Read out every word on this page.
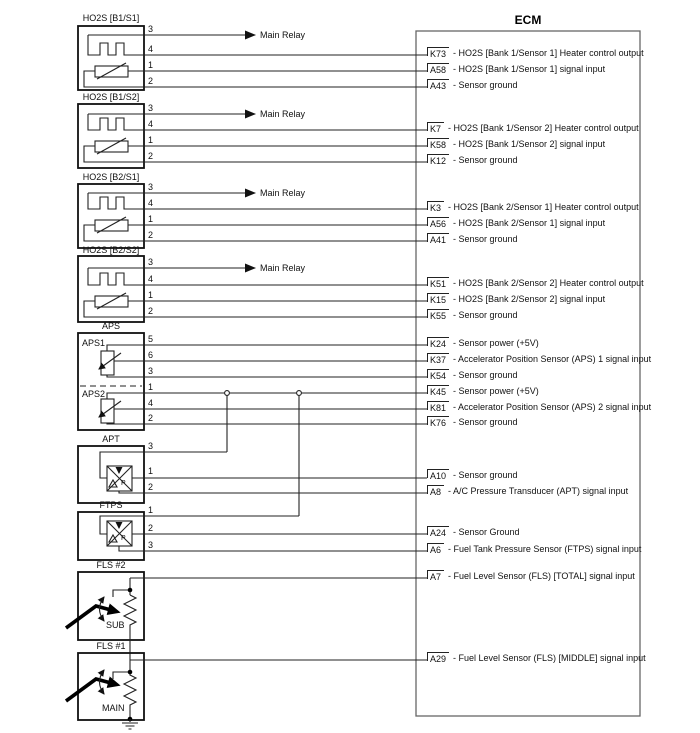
P
P
ECM
HO2S [B1/S1]
HO2S [B1/S2]
HO2S [B2/S1]
HO2S [B2/S2]
APS
APT
FTPS
FLS #2
FLS #1
APS1
APS2
SUB
MAIN
Main Relay
Main Relay
Main Relay
Main Relay
3
4
1
2
3
4
1
2
3
4
1
2
3
4
1
2
5
6
3
1
4
2
3
1
2
1
2
3
K73 - HO2S [Bank 1/Sensor 1] Heater control output
A58 - HO2S [Bank 1/Sensor 1] signal input
A43 - Sensor ground
K7 - HO2S [Bank 1/Sensor 2] Heater control output
K58 - HO2S [Bank 1/Sensor 2] signal input
K12 - Sensor ground
K3 - HO2S [Bank 2/Sensor 1] Heater control output
A56 - HO2S [Bank 2/Sensor 1] signal input
A41 - Sensor ground
K51 - HO2S [Bank 2/Sensor 2] Heater control output
K15 - HO2S [Bank 2/Sensor 2] signal input
K55 - Sensor ground
K24 - Sensor power (+5V)
K37 - Accelerator Position Sensor (APS) 1 signal input
K54 - Sensor ground
K45 - Sensor power (+5V)
K81 - Accelerator Position Sensor (APS) 2 signal input
K76 - Sensor ground
A10 - Sensor ground
A8 - A/C Pressure Transducer (APT) signal input
A24 - Sensor Ground
A6 - Fuel Tank Pressure Sensor (FTPS) signal input
A7 - Fuel Level Sensor (FLS) [TOTAL] signal input
A29 - Fuel Level Sensor (FLS) [MIDDLE] signal input
